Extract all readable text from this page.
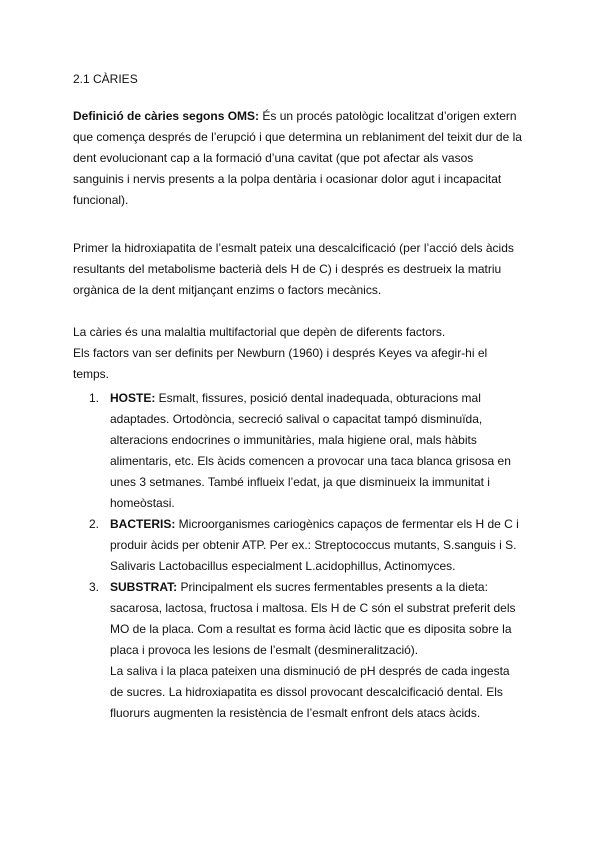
2.1 CÀRIES
Definició de càries segons OMS: És un procés patològic localitzat d’origen extern
que comença després de l’erupció i que determina un reblaniment del teixit dur de la
dent evolucionant cap a la formació d’una cavitat (que pot afectar als vasos
sanguinis i nervis presents a la polpa dentària i ocasionar dolor agut i incapacitat
funcional).
Primer la hidroxiapatita de l’esmalt pateix una descalcificació (per l’acció dels àcids
resultants del metabolisme bacterià dels H de C) i després es destrueix la matriu
orgànica de la dent mitjançant enzims o factors mecànics.
La càries és una malaltia multifactorial que depèn de diferents factors.
Els factors van ser definits per Newburn (1960) i després Keyes va afegir-hi el
temps.
1. HOSTE: Esmalt, fissures, posició dental inadequada, obturacions mal
adaptades. Ortodòncia, secreció salival o capacitat tampó disminuïda,
alteracions endocrines o immunitàries, mala higiene oral, mals hàbits
alimentaris, etc. Els àcids comencen a provocar una taca blanca grisosa en
unes 3 setmanes. També influeix l’edat, ja que disminueix la immunitat i
homeòstasi.
2. BACTERIS: Microorganismes cariogènics capaços de fermentar els H de C i
produir àcids per obtenir ATP. Per ex.: Streptococcus mutants, S.sanguis i S.
Salivaris Lactobacillus especialment L.acidophillus, Actinomyces.
3. SUBSTRAT: Principalment els sucres fermentables presents a la dieta:
sacarosa, lactosa, fructosa i maltosa. Els H de C són el substrat preferit dels
MO de la placa. Com a resultat es forma àcid làctic que es diposita sobre la
placa i provoca les lesions de l’esmalt (desmineralització).
La saliva i la placa pateixen una disminució de pH després de cada ingesta
de sucres. La hidroxiapatita es dissol provocant descalcificació dental. Els
fluorurs augmenten la resistència de l’esmalt enfront dels atacs àcids.
